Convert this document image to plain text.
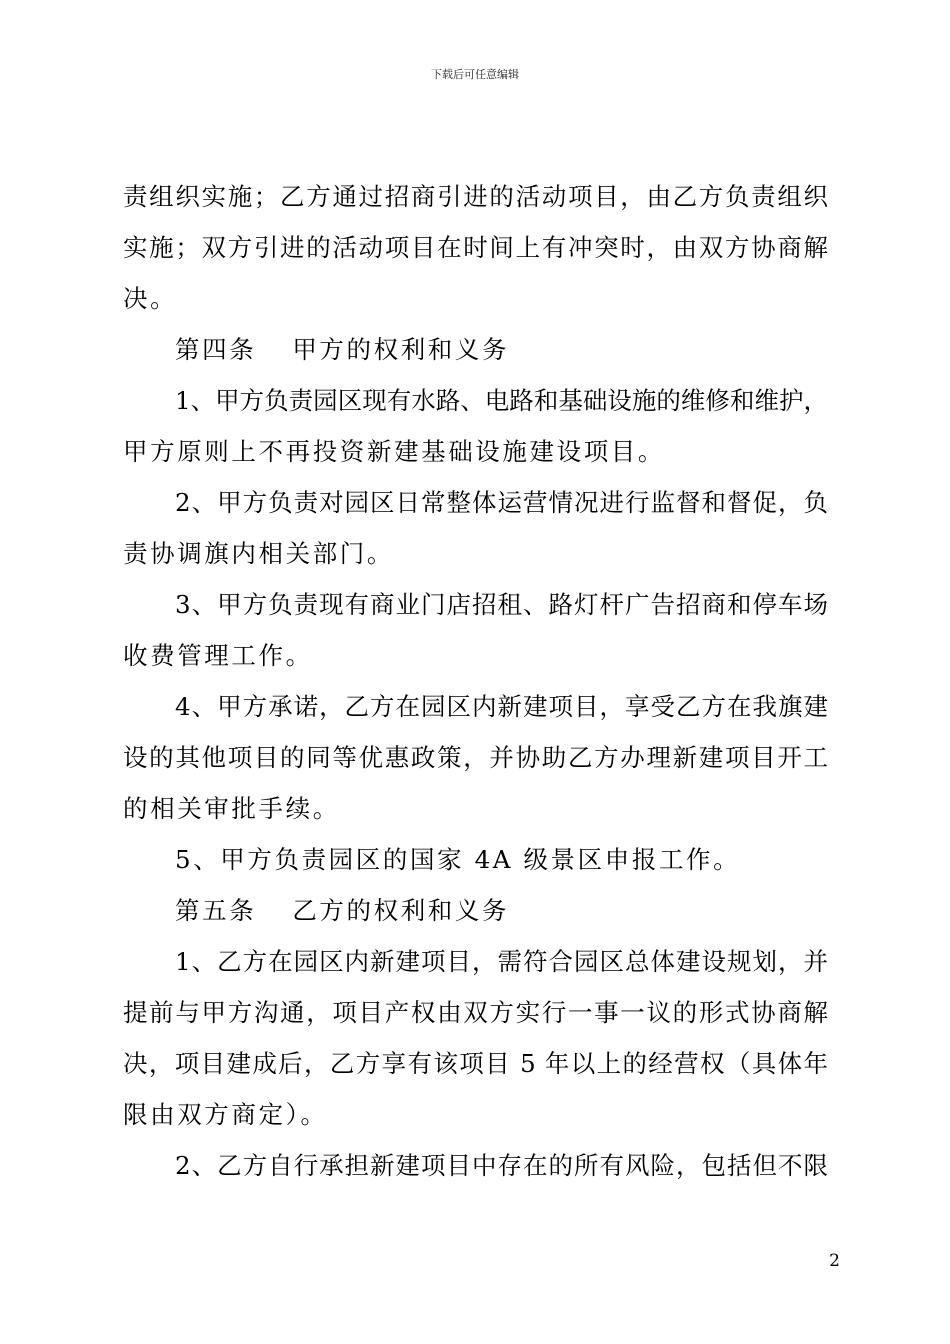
下载后可任意编辑
责组织实施；乙方通过招商引进的活动项目，由乙方负责组织
实施；双方引进的活动项目在时间上有冲突时，由双方协商解
决。
第四条 甲方的权利和义务
1、甲方负责园区现有水路、电路和基础设施的维修和维护，
甲方原则上不再投资新建基础设施建设项目。
2、甲方负责对园区日常整体运营情况进行监督和督促，负
责协调旗内相关部门。
3、甲方负责现有商业门店招租、路灯杆广告招商和停车场
收费管理工作。
4、甲方承诺，乙方在园区内新建项目，享受乙方在我旗建
设的其他项目的同等优惠政策，并协助乙方办理新建项目开工
的相关审批手续。
5、甲方负责园区的国家 4A 级景区申报工作。
第五条 乙方的权利和义务
1、乙方在园区内新建项目，需符合园区总体建设规划，并
提前与甲方沟通，项目产权由双方实行一事一议的形式协商解
决，项目建成后，乙方享有该项目 5 年以上的经营权（具体年
限由双方商定）。
2、乙方自行承担新建项目中存在的所有风险，包括但不限
2
